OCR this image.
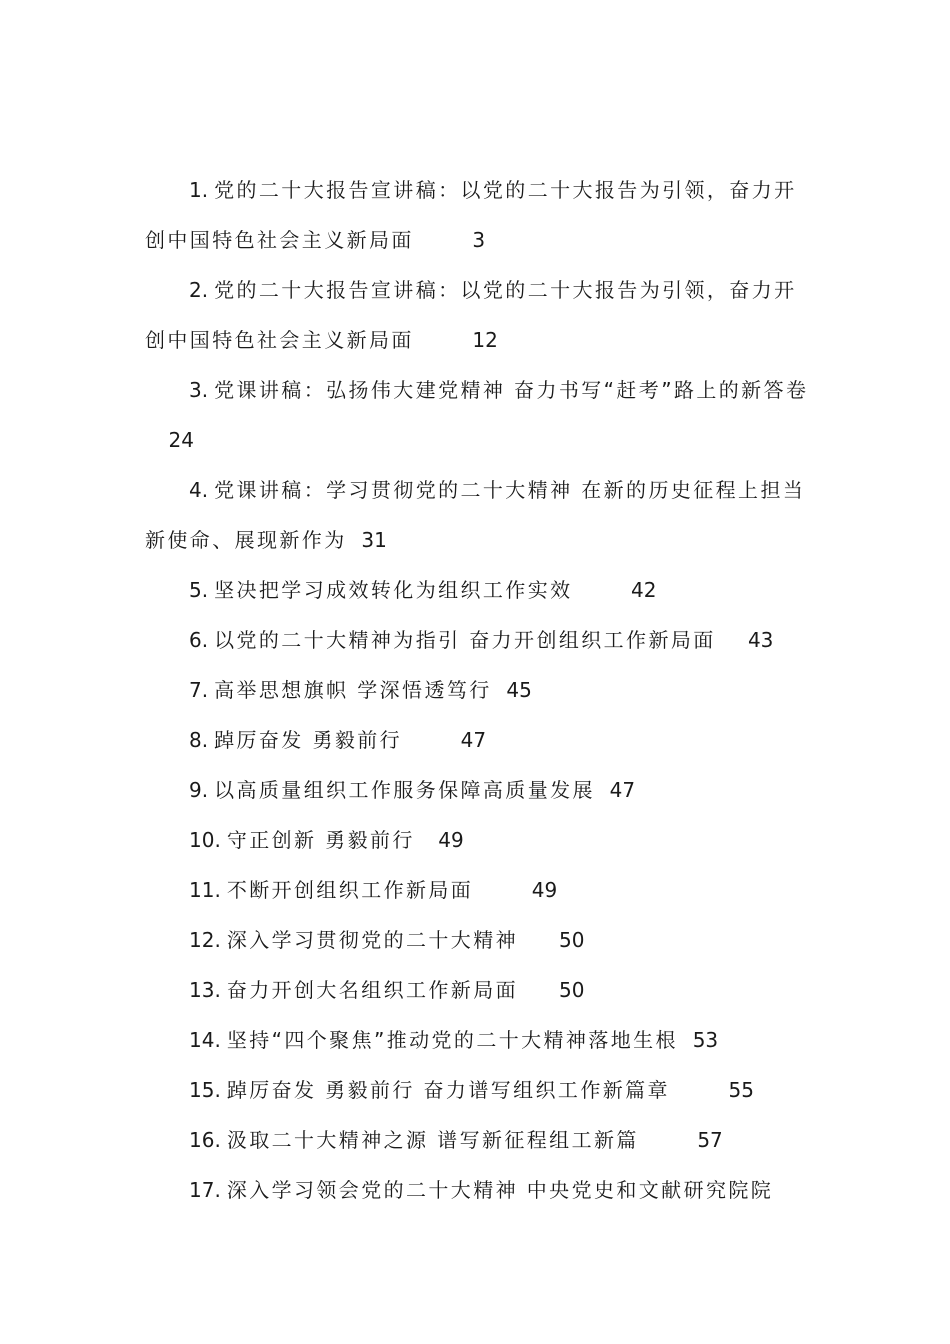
1. 党的二十大报告宣讲稿：以党的二十大报告为引领，奋力开创中国特色社会主义新局面	3
2. 党的二十大报告宣讲稿：以党的二十大报告为引领，奋力开创中国特色社会主义新局面	12
3. 党课讲稿：弘扬伟大建党精神 奋力书写“赶考”路上的新答卷  24
4. 党课讲稿：学习贯彻党的二十大精神 在新的历史征程上担当新使命、展现新作为 31
5. 坚决把学习成效转化为组织工作实效	42
6. 以党的二十大精神为指引 奋力开创组织工作新局面 43
7. 高举思想旗帜 学深悟透笃行 45
8. 踔厉奋发 勇毅前行	47
9. 以高质量组织工作服务保障高质量发展 47
10. 守正创新 勇毅前行 49
11. 不断开创组织工作新局面	49
12. 深入学习贯彻党的二十大精神 50
13. 奋力开创大名组织工作新局面 50
14. 坚持“四个聚焦”推动党的二十大精神落地生根 53
15. 踔厉奋发 勇毅前行 奋力谱写组织工作新篇章	55
16. 汲取二十大精神之源 谱写新征程组工新篇	57
17. 深入学习领会党的二十大精神 中央党史和文献研究院院
